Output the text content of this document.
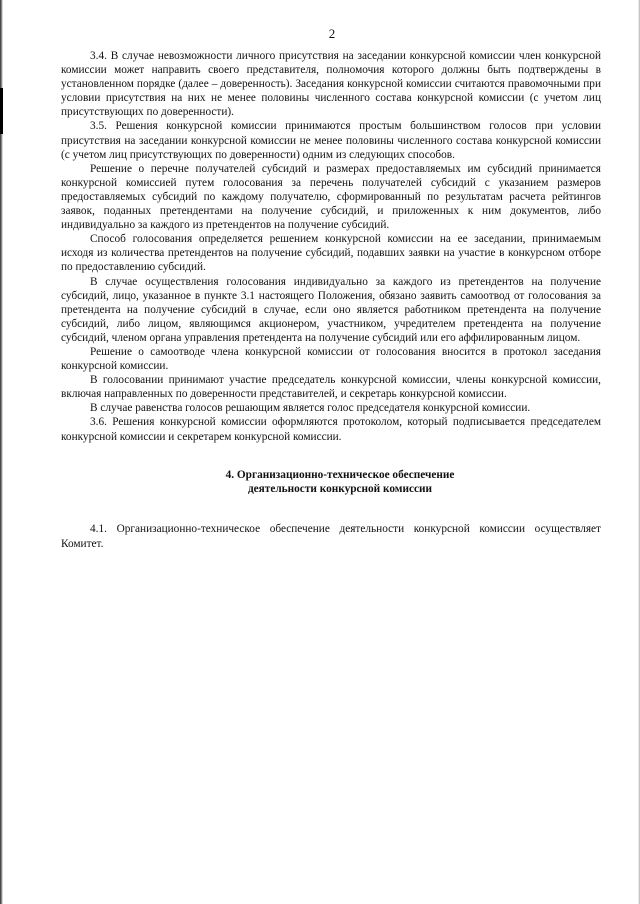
2

3.4. В случае невозможности личного присутствия на заседании конкурсной комиссии член конкурсной комиссии может направить своего представителя, полномочия которого должны быть подтверждены в установленном порядке (далее – доверенность). Заседания конкурсной комиссии считаются правомочными при условии присутствия на них не менее половины численного состава конкурсной комиссии (с учетом лиц присутствующих по доверенности).

3.5. Решения конкурсной комиссии принимаются простым большинством голосов при условии присутствия на заседании конкурсной комиссии не менее половины численного состава конкурсной комиссии (с учетом лиц присутствующих по доверенности) одним из следующих способов.

Решение о перечне получателей субсидий и размерах предоставляемых им субсидий принимается конкурсной комиссией путем голосования за перечень получателей субсидий с указанием размеров предоставляемых субсидий по каждому получателю, сформированный по результатам расчета рейтингов заявок, поданных претендентами на получение субсидий, и приложенных к ним документов, либо индивидуально за каждого из претендентов на получение субсидий.

Способ голосования определяется решением конкурсной комиссии на ее заседании, принимаемым исходя из количества претендентов на получение субсидий, подавших заявки на участие в конкурсном отборе по предоставлению субсидий.

В случае осуществления голосования индивидуально за каждого из претендентов на получение субсидий, лицо, указанное в пункте 3.1 настоящего Положения, обязано заявить самоотвод от голосования за претендента на получение субсидий в случае, если оно является работником претендента на получение субсидий, либо лицом, являющимся акционером, участником, учредителем претендента на получение субсидий, членом органа управления претендента на получение субсидий или его аффилированным лицом.

Решение о самоотводе члена конкурсной комиссии от голосования вносится в протокол заседания конкурсной комиссии.

В голосовании принимают участие председатель конкурсной комиссии, члены конкурсной комиссии, включая направленных по доверенности представителей, и секретарь конкурсной комиссии.

В случае равенства голосов решающим является голос председателя конкурсной комиссии.

3.6. Решения конкурсной комиссии оформляются протоколом, который подписывается председателем конкурсной комиссии и секретарем конкурсной комиссии.

4. Организационно-техническое обеспечение
деятельности конкурсной комиссии

4.1. Организационно-техническое обеспечение деятельности конкурсной комиссии осуществляет Комитет.
